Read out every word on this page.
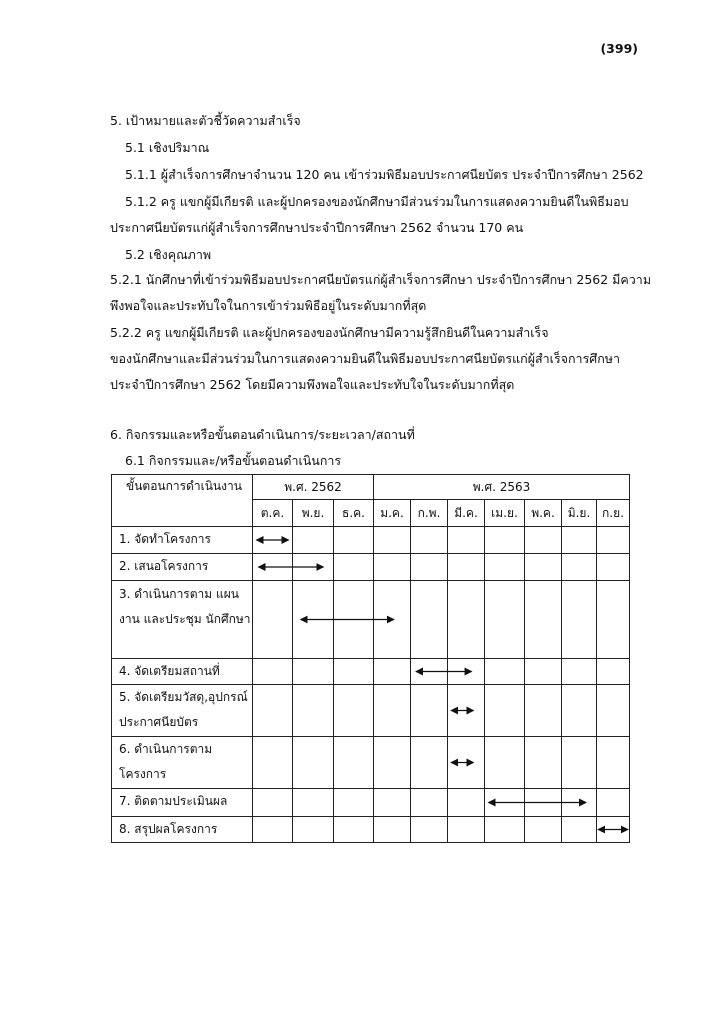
(399)
5. เป้าหมายและตัวชี้วัดความสำเร็จ
5.1 เชิงปริมาณ
5.1.1 ผู้สำเร็จการศึกษาจำนวน 120 คน เข้าร่วมพิธีมอบประกาศนียบัตร ประจำปีการศึกษา 2562
5.1.2 ครู แขกผู้มีเกียรติ และผู้ปกครองของนักศึกษามีส่วนร่วมในการแสดงความยินดีในพิธีมอบ
ประกาศนียบัตรแก่ผู้สำเร็จการศึกษาประจำปีการศึกษา 2562 จำนวน 170 คน
5.2 เชิงคุณภาพ
5.2.1 นักศึกษาที่เข้าร่วมพิธีมอบประกาศนียบัตรแก่ผู้สำเร็จการศึกษา ประจำปีการศึกษา 2562 มีความ
พึงพอใจและประทับใจในการเข้าร่วมพิธีอยู่ในระดับมากที่สุด
5.2.2 ครู แขกผู้มีเกียรติ และผู้ปกครองของนักศึกษามีความรู้สึกยินดีในความสำเร็จ
ของนักศึกษาและมีส่วนร่วมในการแสดงความยินดีในพิธีมอบประกาศนียบัตรแก่ผู้สำเร็จการศึกษา
ประจำปีการศึกษา 2562 โดยมีความพึงพอใจและประทับใจในระดับมากที่สุด
6. กิจกรรมและหรือขั้นตอนดำเนินการ/ระยะเวลา/สถานที่
6.1 กิจกรรมและ/หรือขั้นตอนดำเนินการ
ขั้นตอนการดำเนินงาน	พ.ศ. 2562			พ.ศ. 2563						
	ต.ค.	พ.ย.	ธ.ค.	ม.ค.	ก.พ.	มี.ค.	เม.ย.	พ.ค.	มิ.ย.	ก.ย.
1. จัดทำโครงการ										
2. เสนอโครงการ										
3. ดำเนินการตาม แผนงาน และประชุม นักศึกษา										
4. จัดเตรียมสถานที่										
5. จัดเตรียมวัสดุ,อุปกรณ์ ประกาศนียบัตร										
6. ดำเนินการตาม โครงการ										
7. ติดตามประเมินผล										
8. สรุปผลโครงการ										
